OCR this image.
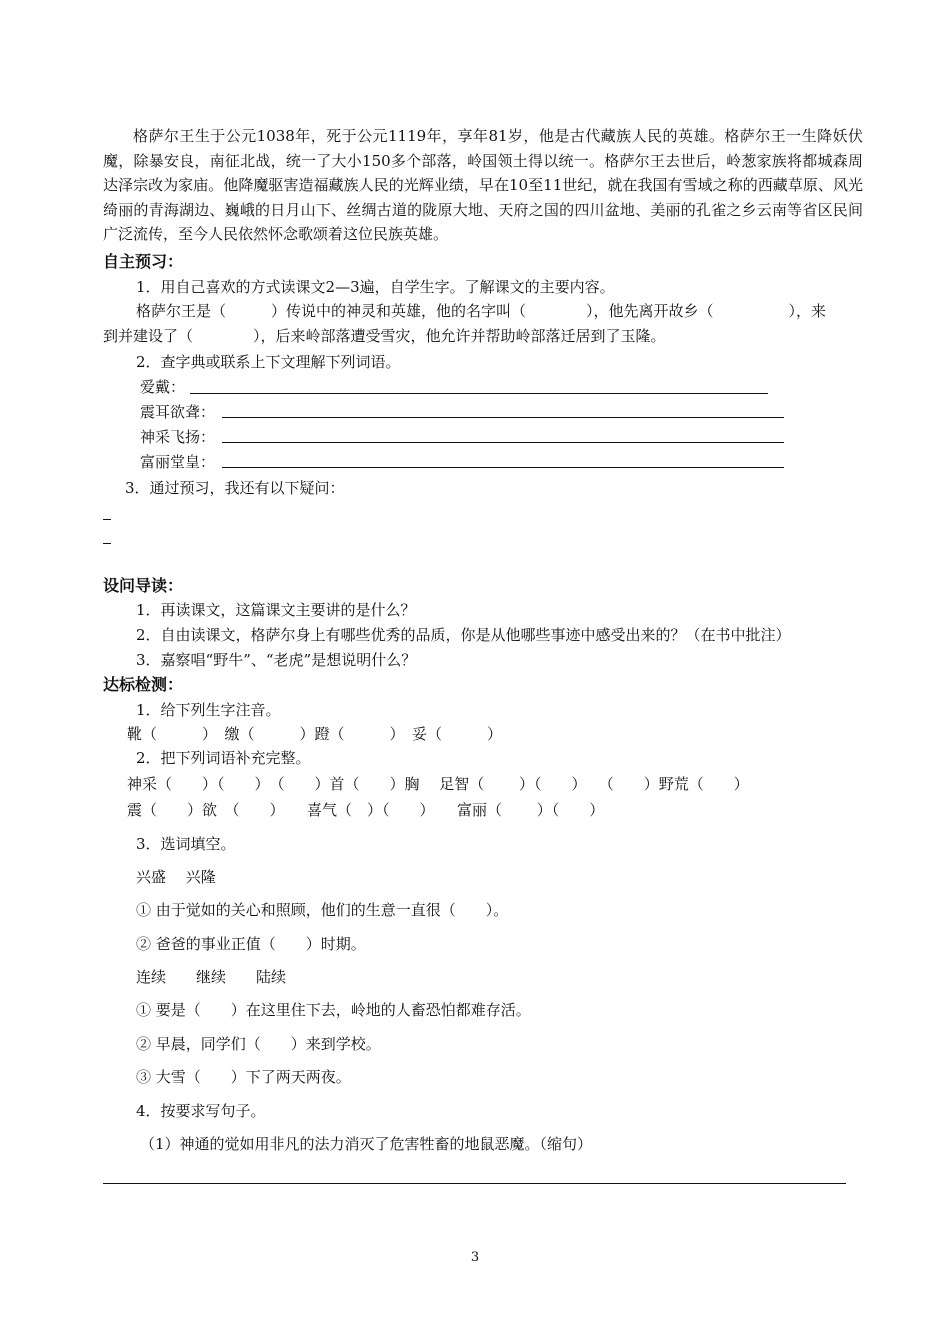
格萨尔王生于公元1038年，死于公元1119年，享年81岁，他是古代藏族人民的英雄。格萨尔王一生降妖伏魔，除暴安良，南征北战，统一了大小150多个部落，岭国领土得以统一。格萨尔王去世后，岭葱家族将都城森周达泽宗改为家庙。他降魔驱害造福藏族人民的光辉业绩，早在10至11世纪，就在我国有雪域之称的西藏草原、风光绮丽的青海湖边、巍峨的日月山下、丝绸古道的陇原大地、天府之国的四川盆地、美丽的孔雀之乡云南等省区民间广泛流传，至今人民依然怀念歌颂着这位民族英雄。
自主预习：
1．用自己喜欢的方式读课文2—3遍，自学生字。了解课文的主要内容。
格萨尔王是（　　　）传说中的神灵和英雄，他的名字叫（　　　　），他先离开故乡（　　　　　），来
到并建设了（　　　　），后来岭部落遭受雪灾，他允许并帮助岭部落迁居到了玉隆。
2．查字典或联系上下文理解下列词语。
爱戴：
震耳欲聋：
神采飞扬：
富丽堂皇：
3．通过预习，我还有以下疑问：
设问导读：
1．再读课文，这篇课文主要讲的是什么？
2．自由读课文，格萨尔身上有哪些优秀的品质，你是从他哪些事迹中感受出来的？（在书中批注）
3．嘉察唱“野牛”、“老虎”是想说明什么？
达标检测：
1．给下列生字注音。
靴（　　　）　缴（　　　）蹬（　　　）　妥（　　　）
2．把下列词语补充完整。
神采（　　）（　　）　（　　）首（　　）胸　 足智（　　 ）（　　）　 （　　）野荒（　　）
震（　　）欲　（　　）　　喜气（　）（　　）　　富丽（　　 ）（　　）
3．选词填空。
兴盛　 兴隆
① 由于觉如的关心和照顾，他们的生意一直很（　　）。
② 爸爸的事业正值（　　）时期。
连续　　继续　　陆续
① 要是（　　）在这里住下去，岭地的人畜恐怕都难存活。
② 早晨，同学们（　　）来到学校。
③ 大雪（　　）下了两天两夜。
4．按要求写句子。
（1）神通的觉如用非凡的法力消灭了危害牲畜的地鼠恶魔。（缩句）
3
